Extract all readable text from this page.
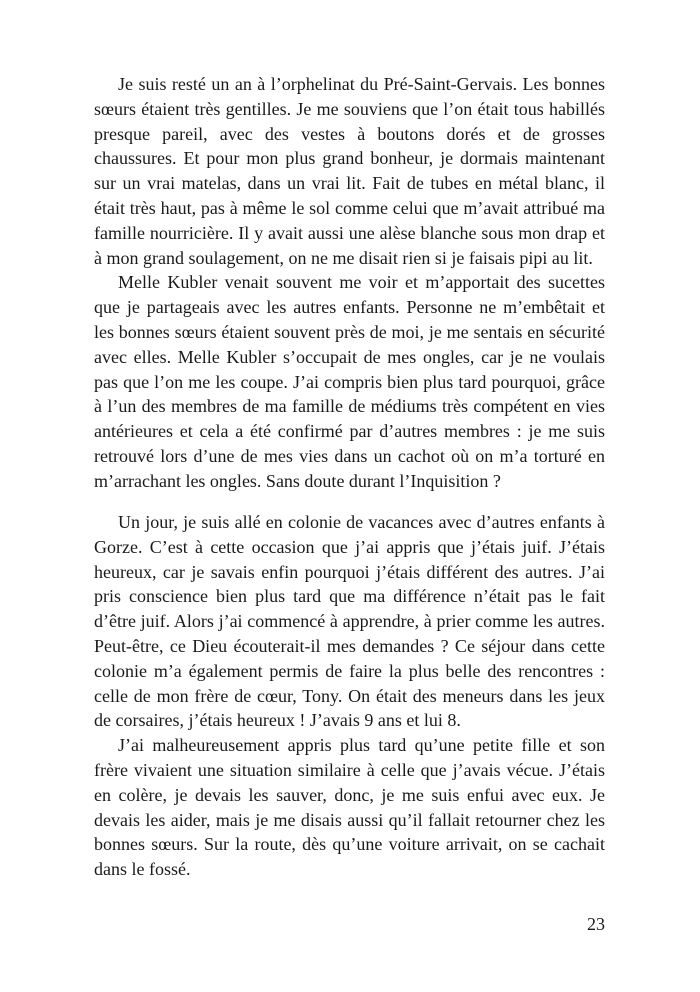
Je suis resté un an à l’orphelinat du Pré-Saint-Gervais. Les bonnes sœurs étaient très gentilles. Je me souviens que l’on était tous habillés presque pareil, avec des vestes à boutons dorés et de grosses chaussures. Et pour mon plus grand bonheur, je dormais maintenant sur un vrai matelas, dans un vrai lit. Fait de tubes en métal blanc, il était très haut, pas à même le sol comme celui que m’avait attribué ma famille nourricière. Il y avait aussi une alèse blanche sous mon drap et à mon grand soulagement, on ne me disait rien si je faisais pipi au lit.

Melle Kubler venait souvent me voir et m’apportait des sucettes que je partageais avec les autres enfants. Personne ne m’embêtait et les bonnes sœurs étaient souvent près de moi, je me sentais en sécurité avec elles. Melle Kubler s’occupait de mes ongles, car je ne voulais pas que l’on me les coupe. J’ai compris bien plus tard pourquoi, grâce à l’un des membres de ma famille de médiums très compétent en vies antérieures et cela a été confirmé par d’autres membres : je me suis retrouvé lors d’une de mes vies dans un cachot où on m’a torturé en m’arrachant les ongles. Sans doute durant l’Inquisition ?

Un jour, je suis allé en colonie de vacances avec d’autres enfants à Gorze. C’est à cette occasion que j’ai appris que j’étais juif. J’étais heureux, car je savais enfin pourquoi j’étais différent des autres. J’ai pris conscience bien plus tard que ma différence n’était pas le fait d’être juif. Alors j’ai commencé à apprendre, à prier comme les autres. Peut-être, ce Dieu écouterait-il mes demandes ? Ce séjour dans cette colonie m’a également permis de faire la plus belle des rencontres : celle de mon frère de cœur, Tony. On était des meneurs dans les jeux de corsaires, j’étais heureux ! J’avais 9 ans et lui 8.

J’ai malheureusement appris plus tard qu’une petite fille et son frère vivaient une situation similaire à celle que j’avais vécue. J’étais en colère, je devais les sauver, donc, je me suis enfui avec eux. Je devais les aider, mais je me disais aussi qu’il fallait retourner chez les bonnes sœurs. Sur la route, dès qu’une voiture arrivait, on se cachait dans le fossé.

23
